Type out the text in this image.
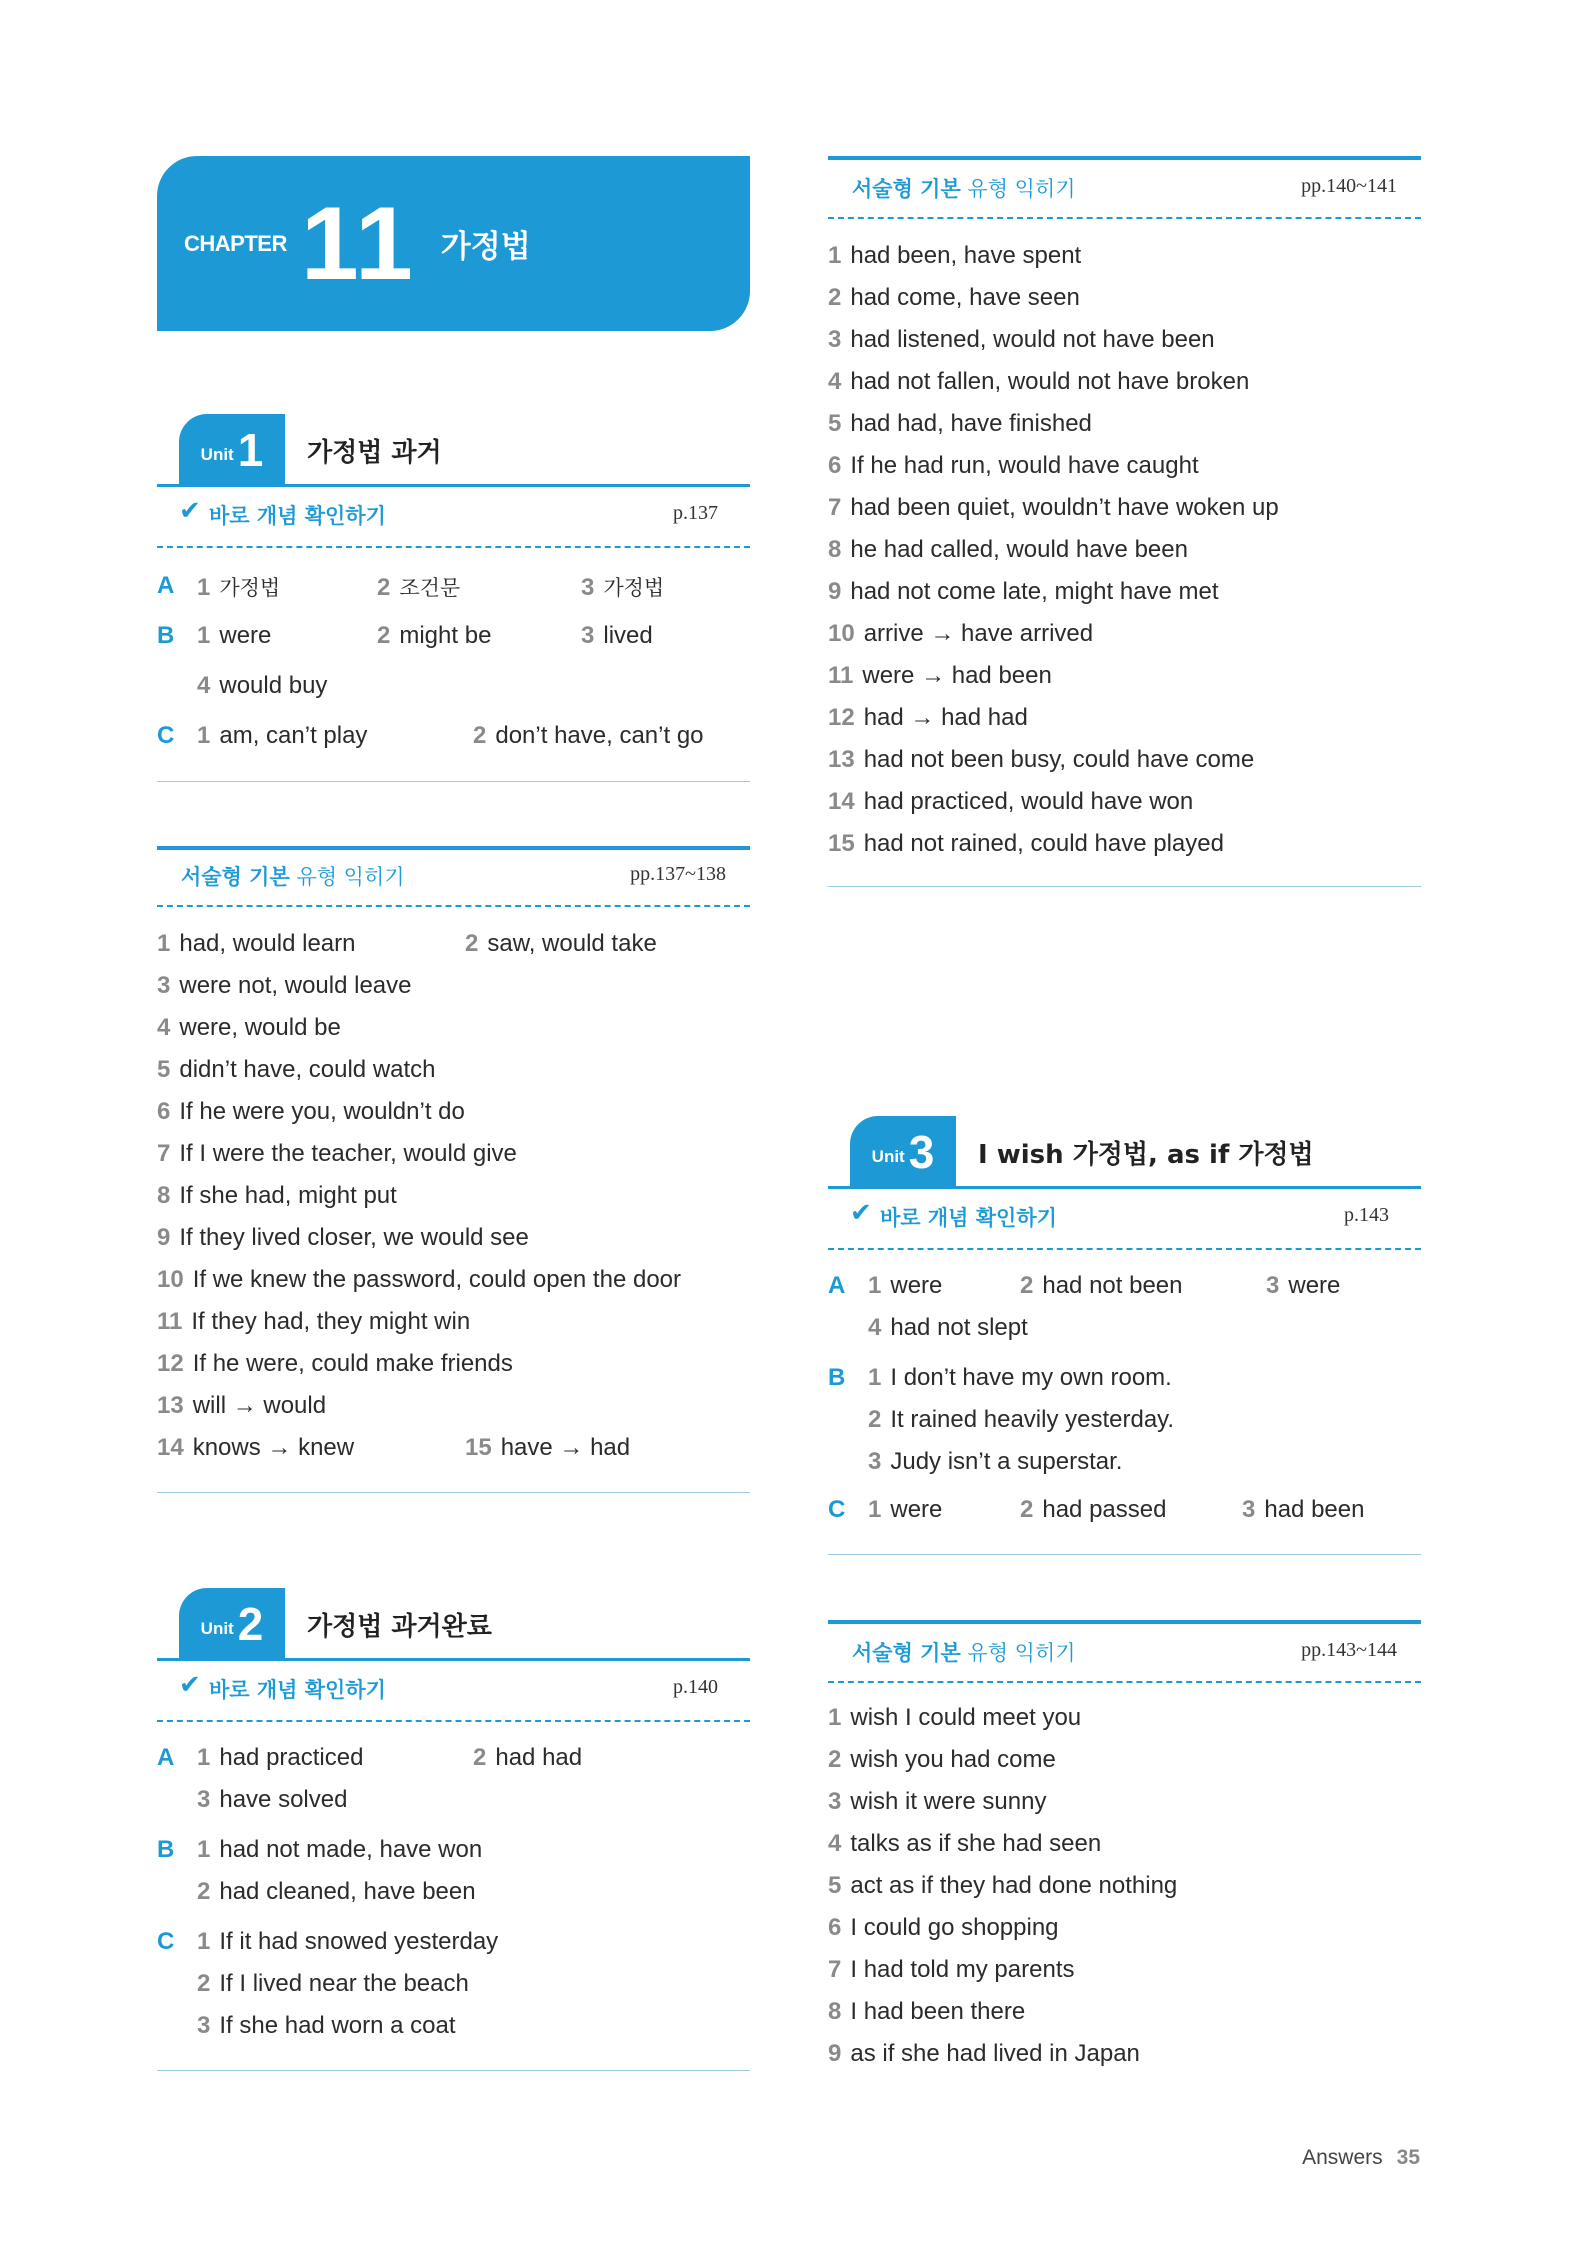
CHAPTER 11 가정법
Unit 1 가정법 과거
✔ 바로 개념 확인하기	p.137
A 1 가정법	2 조건문	3 가정법
B 1 were	2 might be	3 lived
4 would buy
C 1 am, can’t play	2 don’t have, can’t go
서술형 기본 유형 익히기	pp.137~138
1 had, would learn	2 saw, would take
3 were not, would leave
4 were, would be
5 didn’t have, could watch
6 If he were you, wouldn’t do
7 If I were the teacher, would give
8 If she had, might put
9 If they lived closer, we would see
10 If we knew the password, could open the door
11 If they had, they might win
12 If he were, could make friends
13 will → would
14 knows → knew	15 have → had
Unit 2 가정법 과거완료
✔ 바로 개념 확인하기	p.140
A 1 had practiced	2 had had
3 have solved
B 1 had not made, have won
2 had cleaned, have been
C 1 If it had snowed yesterday
2 If I lived near the beach
3 If she had worn a coat
서술형 기본 유형 익히기	pp.140~141
1 had been, have spent
2 had come, have seen
3 had listened, would not have been
4 had not fallen, would not have broken
5 had had, have finished
6 If he had run, would have caught
7 had been quiet, wouldn’t have woken up
8 he had called, would have been
9 had not come late, might have met
10 arrive → have arrived
11 were → had been
12 had → had had
13 had not been busy, could have come
14 had practiced, would have won
15 had not rained, could have played
Unit 3 I wish 가정법, as if 가정법
✔ 바로 개념 확인하기	p.143
A 1 were	2 had not been	3 were
4 had not slept
B 1 I don’t have my own room.
2 It rained heavily yesterday.
3 Judy isn’t a superstar.
C 1 were	2 had passed	3 had been
서술형 기본 유형 익히기	pp.143~144
1 wish I could meet you
2 wish you had come
3 wish it were sunny
4 talks as if she had seen
5 act as if they had done nothing
6 I could go shopping
7 I had told my parents
8 I had been there
9 as if she had lived in Japan
Answers 35
